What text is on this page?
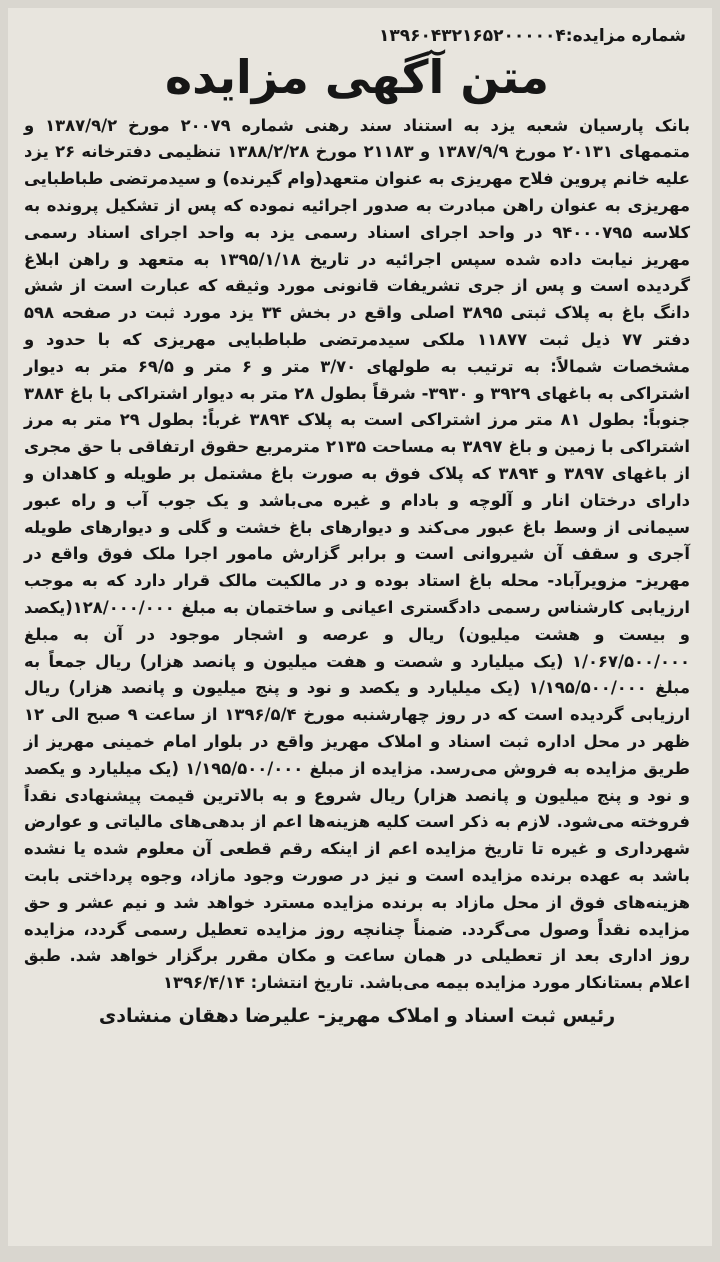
شماره مزایده:۱۳۹۶۰۴۳۲۱۶۵۲۰۰۰۰۰۴
متن آگهی مزایده

بانک پارسیان شعبه یزد به استناد سند رهنی شماره ۲۰۰۷۹ مورخ ۱۳۸۷/۹/۲ و متممهای ۲۰۱۳۱ مورخ ۱۳۸۷/۹/۹ و ۲۱۱۸۳ مورخ ۱۳۸۸/۲/۲۸ تنظیمی دفترخانه ۲۶ یزد علیه خانم پروین فلاح مهریزی به عنوان متعهد(وام گیرنده) و سیدمرتضی طباطبایی مهریزی به عنوان راهن مبادرت به صدور اجرائیه نموده که پس از تشکیل پرونده به کلاسه ۹۴۰۰۰۷۹۵ در واحد اجرای اسناد رسمی یزد به واحد اجرای اسناد رسمی مهریز نیابت داده شده سپس اجرائیه در تاریخ ۱۳۹۵/۱/۱۸ به متعهد و راهن ابلاغ گردیده است و پس از جری تشریفات قانونی مورد وثیقه که عبارت است از شش دانگ باغ به پلاک ثبتی ۳۸۹۵ اصلی واقع در بخش ۳۴ یزد مورد ثبت در صفحه ۵۹۸ دفتر ۷۷ ذیل ثبت ۱۱۸۷۷ ملکی سیدمرتضی طباطبایی مهریزی که با حدود و مشخصات شمالاً: به ترتیب به طولهای ۳/۷۰ متر و ۶ متر و ۶۹/۵ متر به دیوار اشتراکی به باغهای ۳۹۲۹ و ۳۹۳۰- شرقاً بطول ۲۸ متر به دیوار اشتراکی با باغ ۳۸۸۴ جنوباً: بطول ۸۱ متر مرز اشتراکی است به پلاک ۳۸۹۴ غرباً: بطول ۲۹ متر به مرز اشتراکی با زمین و باغ ۳۸۹۷ به مساحت ۲۱۳۵ مترمربع حقوق ارتفاقی با حق مجری از باغهای ۳۸۹۷ و ۳۸۹۴ که پلاک فوق به صورت باغ مشتمل بر طویله و کاهدان و دارای درختان انار و آلوچه و بادام و غیره می‌باشد و یک جوب آب و راه عبور سیمانی از وسط باغ عبور می‌کند و دیوارهای باغ خشت و گلی و دیوارهای طویله آجری و سقف آن شیروانی است و برابر گزارش مامور اجرا ملک فوق واقع در مهریز- مزویرآباد- محله باغ استاد بوده و در مالکیت مالک قرار دارد که به موجب ارزیابی کارشناس رسمی دادگستری اعیانی و ساختمان به مبلغ ۱۲۸/۰۰۰/۰۰۰(یکصد و بیست و هشت میلیون) ریال و عرصه و اشجار موجود در آن به مبلغ ۱/۰۶۷/۵۰۰/۰۰۰ (یک میلیارد و شصت و هفت میلیون و پانصد هزار) ریال جمعاً به مبلغ ۱/۱۹۵/۵۰۰/۰۰۰ (یک میلیارد و یکصد و نود و پنج میلیون و پانصد هزار) ریال ارزیابی گردیده است که در روز چهارشنبه مورخ ۱۳۹۶/۵/۴ از ساعت ۹ صبح الی ۱۲ ظهر در محل اداره ثبت اسناد و املاک مهریز واقع در بلوار امام خمینی مهریز از طریق مزایده به فروش می‌رسد. مزایده از مبلغ ۱/۱۹۵/۵۰۰/۰۰۰ (یک میلیارد و یکصد و نود و پنج میلیون و پانصد هزار) ریال شروع و به بالاترین قیمت پیشنهادی نقداً فروخته می‌شود. لازم به ذکر است کلیه هزینه‌ها اعم از بدهی‌های مالیاتی و عوارض شهرداری و غیره تا تاریخ مزایده اعم از اینکه رقم قطعی آن معلوم شده یا نشده باشد به عهده برنده مزایده است و نیز در صورت وجود مازاد، وجوه پرداختی بابت هزینه‌های فوق از محل مازاد به برنده مزایده مسترد خواهد شد و نیم عشر و حق مزایده نقداً وصول می‌گردد. ضمناً چنانچه روز مزایده تعطیل رسمی گردد، مزایده روز اداری بعد از تعطیلی در همان ساعت و مکان مقرر برگزار خواهد شد. طبق اعلام بستانکار مورد مزایده بیمه می‌باشد. تاریخ انتشار: ۱۳۹۶/۴/۱۴

رئیس ثبت اسناد و املاک مهریز- علیرضا دهقان منشادی
